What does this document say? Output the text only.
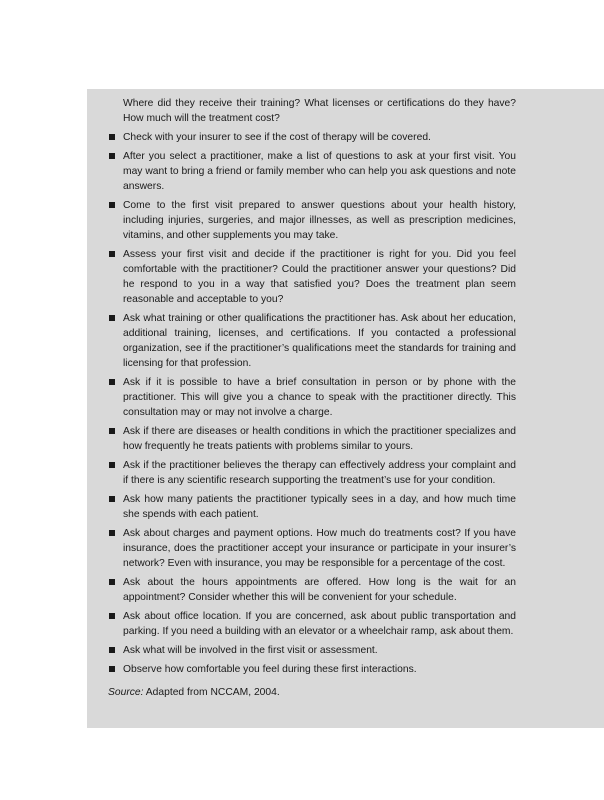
Where did they receive their training? What licenses or certifications do they have? How much will the treatment cost?

Check with your insurer to see if the cost of therapy will be covered.
After you select a practitioner, make a list of questions to ask at your first visit. You may want to bring a friend or family member who can help you ask questions and note answers.
Come to the first visit prepared to answer questions about your health history, including injuries, surgeries, and major illnesses, as well as prescription medicines, vitamins, and other supplements you may take.
Assess your first visit and decide if the practitioner is right for you. Did you feel comfortable with the practitioner? Could the practitioner answer your questions? Did he respond to you in a way that satisfied you? Does the treatment plan seem reasonable and acceptable to you?
Ask what training or other qualifications the practitioner has. Ask about her education, additional training, licenses, and certifications. If you contacted a professional organization, see if the practitioner’s qualifications meet the standards for training and licensing for that profession.
Ask if it is possible to have a brief consultation in person or by phone with the practitioner. This will give you a chance to speak with the practitioner directly. This consultation may or may not involve a charge.
Ask if there are diseases or health conditions in which the practitioner specializes and how frequently he treats patients with problems similar to yours.
Ask if the practitioner believes the therapy can effectively address your complaint and if there is any scientific research supporting the treatment’s use for your condition.
Ask how many patients the practitioner typically sees in a day, and how much time she spends with each patient.
Ask about charges and payment options. How much do treatments cost? If you have insurance, does the practitioner accept your insurance or participate in your insurer’s network? Even with insurance, you may be responsible for a percentage of the cost.
Ask about the hours appointments are offered. How long is the wait for an appointment? Consider whether this will be convenient for your schedule.
Ask about office location. If you are concerned, ask about public transportation and parking. If you need a building with an elevator or a wheelchair ramp, ask about them.
Ask what will be involved in the first visit or assessment.
Observe how comfortable you feel during these first interactions.
Source: Adapted from NCCAM, 2004.
